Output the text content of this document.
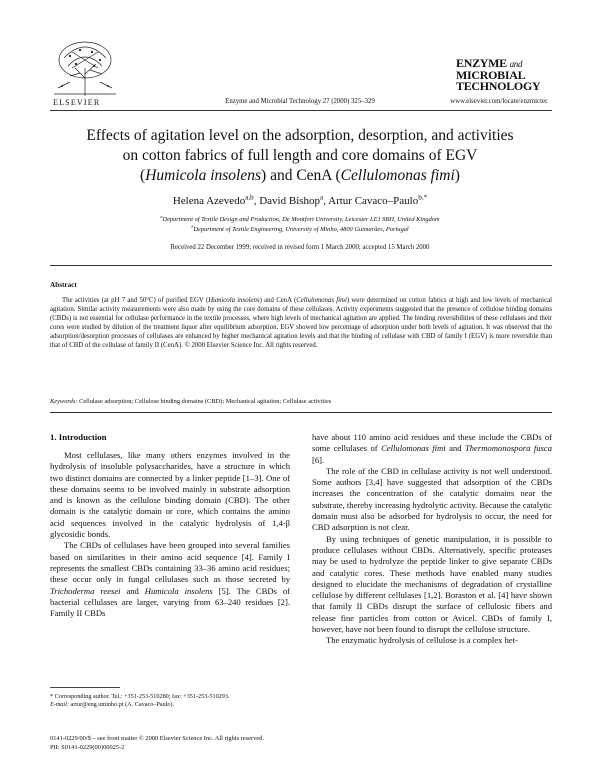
ELSEVIER	Enzyme and Microbial Technology 27 (2000) 325–329	www.elsevier.com/locate/enzmictec
ENZYME and
MICROBIAL
TECHNOLOGY
Effects of agitation level on the adsorption, desorption, and activities
on cotton fabrics of full length and core domains of EGV
(Humicola insolens) and CenA (Cellulomonas fimi)
Helena Azevedo$^{a,b}$, David Bishop$^a$, Artur Cavaco–Paulo$^{b,*}$
$^a$Department of Textile Design and Production, De Montfort University, Leicester LE1 9BH, United Kingdom
$^b$Department of Textile Engineering, University of Minho, 4800 Guimarães, Portugal
Received 22 December 1999; received in revised form 1 March 2000; accepted 15 March 2000
Abstract
The activities (at pH 7 and 50°C) of purified EGV (Humicola insolens) and CenA (Cellulomonas fimi) were determined on cotton fabrics at high and low levels of mechanical agitation. Similar activity measurements were also made by using the core domains of these cellulases. Activity experiments suggested that the presence of cellulose binding domains (CBDs) is not essential for cellulase performance in the textile processes, where high levels of mechanical agitation are applied. The binding reversibilities of these cellulases and their cores were studied by dilution of the treatment liquor after equilibrium adsorption. EGV showed low percentage of adsorption under both levels of agitation. It was observed that the adsorption/desorption processes of cellulases are enhanced by higher mechanical agitation levels and that the binding of cellulase with CBD of family I (EGV) is more reversible than that of CBD of the cellulase of family II (CenA). © 2000 Elsevier Science Inc. All rights reserved.
Keywords: Cellulase adsorption; Cellulose binding domains (CBD); Mechanical agitation; Cellulase activities
1. Introduction

Most cellulases, like many others enzymes involved in the hydrolysis of insoluble polysaccharides, have a structure in which two distinct domains are connected by a linker peptide [1–3]. One of these domains seems to be involved mainly in substrate adsorption and is known as the cellulose binding domain (CBD). The other domain is the catalytic domain or core, which contains the amino acid sequences involved in the catalytic hydrolysis of 1,4-β glycosidic bonds.

The CBDs of cellulases have been grouped into several families based on similarities in their amino acid sequence [4]. Family I represents the smallest CBDs containing 33–36 amino acid residues; these occur only in fungal cellulases such as those secreted by Trichoderma reesei and Humicola insolens [5]. The CBDs of bacterial cellulases are larger, varying from 63–240 residues [2]. Family II CBDs

have about 110 amino acid residues and these include the CBDs of some cellulases of Cellulomonas fimi and Thermomonospora fusca [6].

The role of the CBD in cellulase activity is not well understood. Some authors [3,4] have suggested that adsorption of the CBDs increases the concentration of the catalytic domains near the substrate, thereby increasing hydrolytic activity. Because the catalytic domain must also be adsorbed for hydrolysis to occur, the need for CBD adsorption is not clear.

By using techniques of genetic manipulation, it is possible to produce cellulases without CBDs. Alternatively, specific proteases may be used to hydrolyze the peptide linker to give separate CBDs and catalytic cores. These methods have enabled many studies designed to elucidate the mechanisms of degradation of crystalline cellulose by different cellulases [1,2]. Boraston et al. [4] have shown that family II CBDs disrupt the surface of cellulosic fibers and release fine particles from cotton or Avicel. CBDs of family I, however, have not been found to disrupt the cellulose structure.

The enzymatic hydrolysis of cellulose is a complex het-

* Corresponding author. Tel.: +351-253-510280; fax: +351-253-510293.
E-mail: artur@eng.uminho.pt (A. Cavaco–Paulo).
0141-0229/00/$ – see front matter © 2000 Elsevier Science Inc. All rights reserved.
PII: S0141-0229(00)00025-2
